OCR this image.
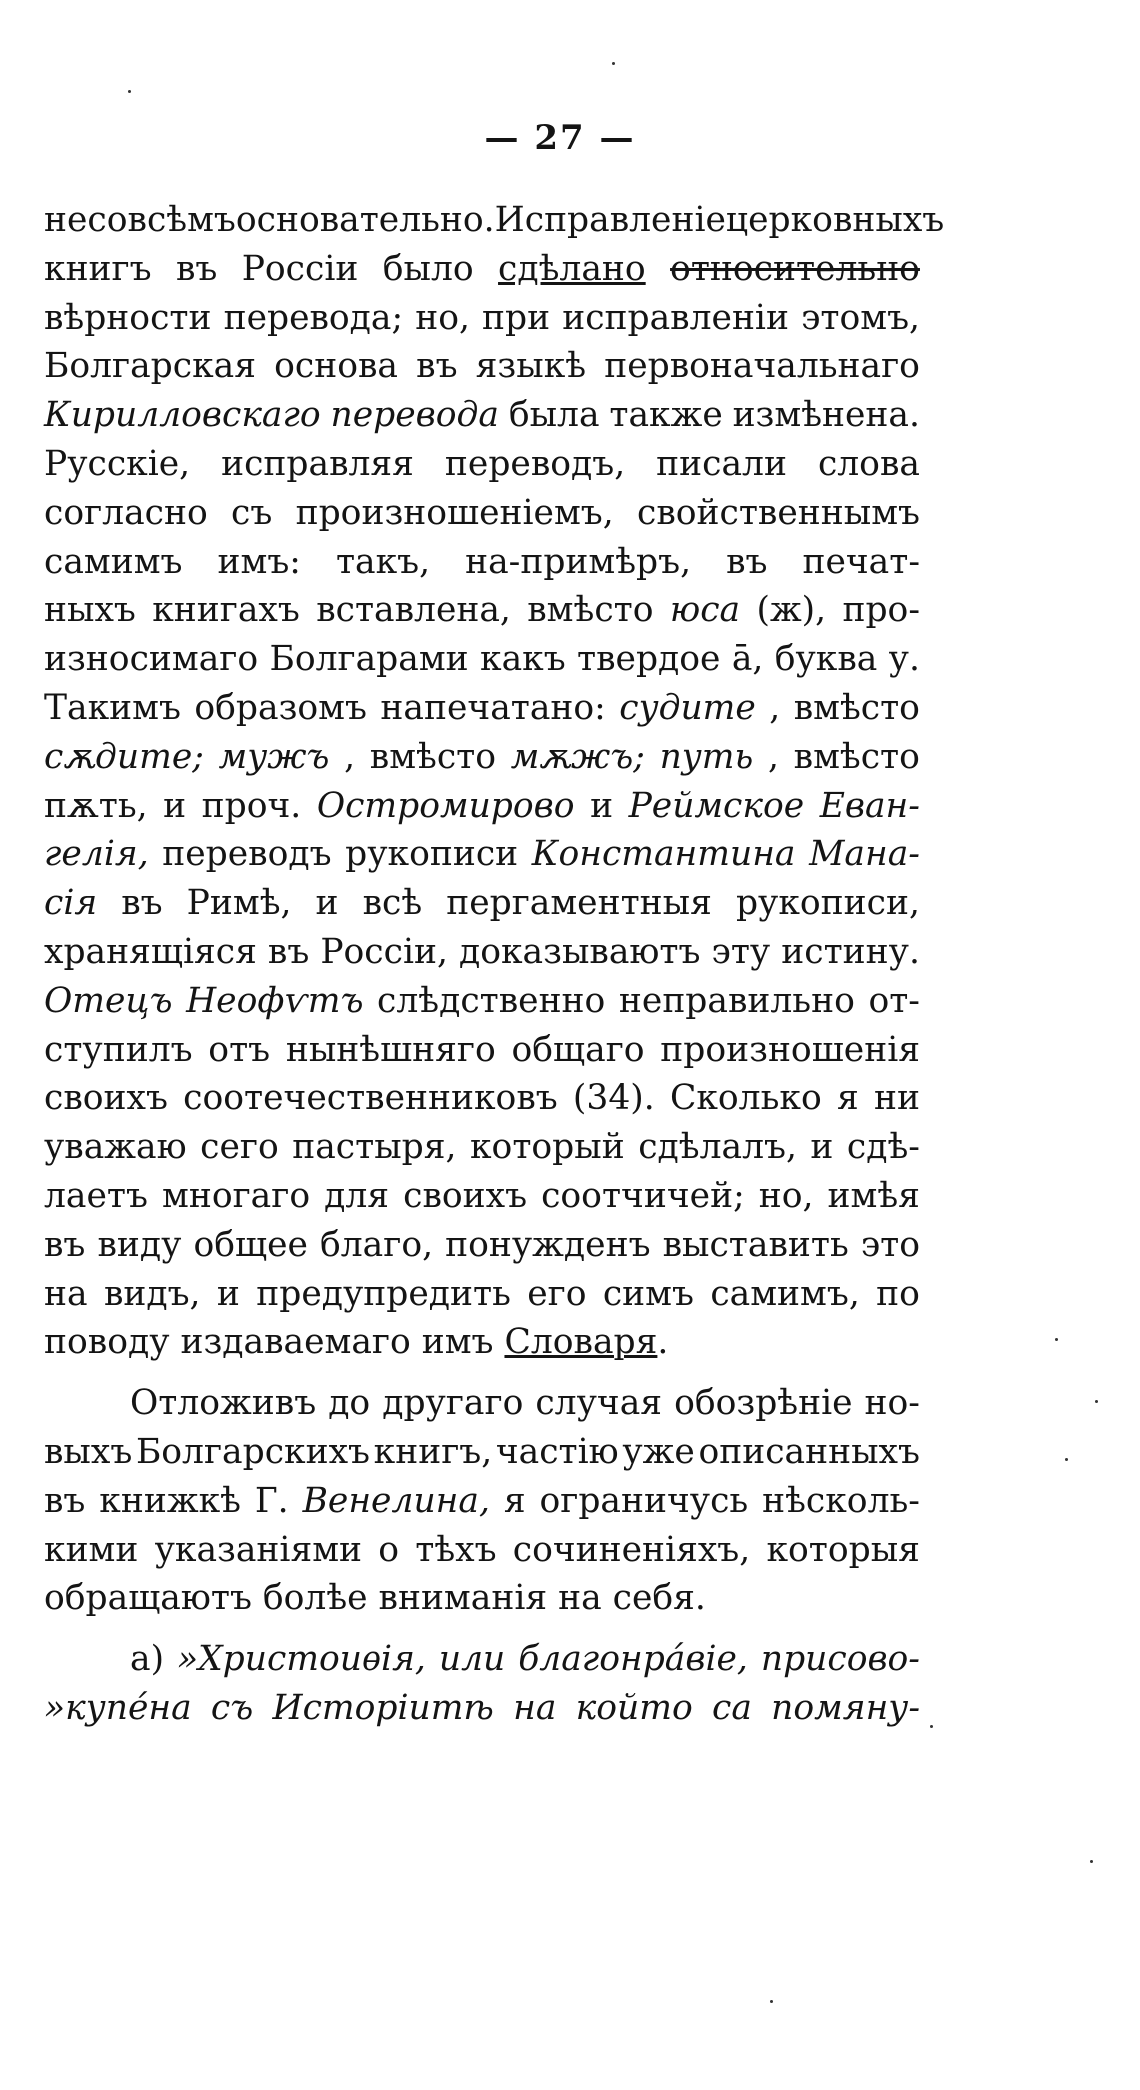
— 27 —
не совсѣмъ основательно. Исправленіе церковныхъ
книгъ въ Россіи было сдѣлано относительно
вѣрности перевода; но, при исправленіи этомъ,
Болгарская основа въ языкѣ первоначальнаго
Кирилловскаго перевода была также измѣнена.
Русскіе, исправляя переводъ, писали слова
согласно съ произношеніемъ, свойственнымъ
самимъ имъ: такъ, на-примѣръ, въ печат-
ныхъ книгахъ вставлена, вмѣсто юса (ж), про-
износимаго Болгарами какъ твердое ā, буква у.
Такимъ образомъ напечатано: судите , вмѣсто
сѫдите; мужъ , вмѣсто мѫжъ; путь , вмѣсто
пѫть, и проч. Остромирово и Реймское Еван-
гелія, переводъ рукописи Константина Мана-
сія въ Римѣ, и всѣ пергаментныя рукописи,
хранящіяся въ Россіи, доказываютъ эту истину.
Отецъ Неофѵтъ слѣдственно неправильно от-
ступилъ отъ нынѣшняго общаго произношенія
своихъ соотечественниковъ (34). Сколько я ни
уважаю сего пастыря, который сдѣлалъ, и сдѣ-
лаетъ многаго для своихъ соотчичей; но, имѣя
въ виду общее благо, понужденъ выставить это
на видъ, и предупредить его симъ самимъ, по
поводу издаваемаго имъ Словаря .
Отложивъ до другаго случая обозрѣніе но-
выхъ Болгарскихъ книгъ, частію уже описанныхъ
въ книжкѣ Г. Венелина, я ограничусь нѣсколь-
кими указаніями о тѣхъ сочиненіяхъ, которыя
обращаютъ болѣе вниманія на себя.
а) »Христоиѳія, или благонрáвіе, присово-
»купéна съ Исторіитѣ на който са помяну-
